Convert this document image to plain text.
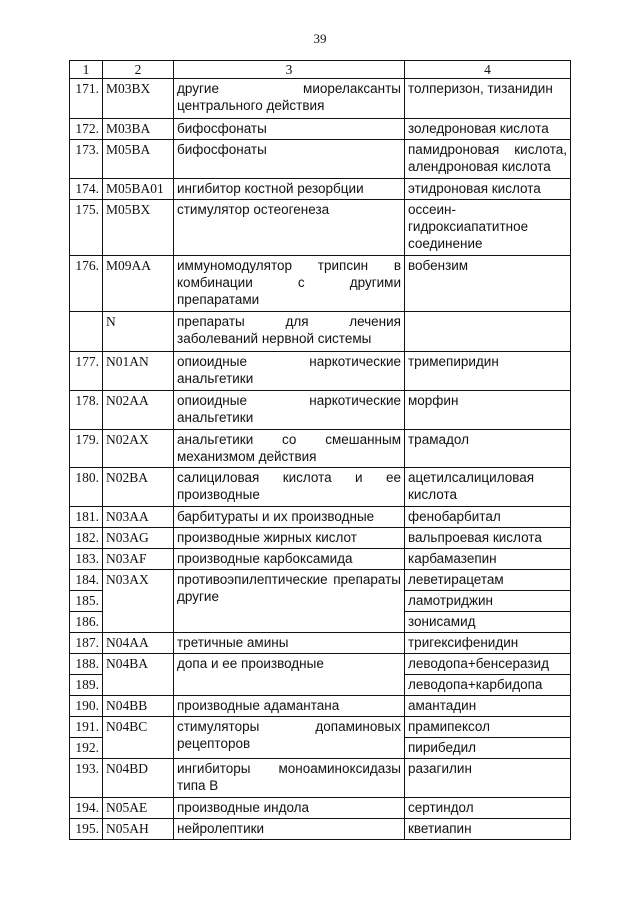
39
1	2	3	4
171.	M03BX	другие миорелаксанты центрального действия	толперизон, тизанидин
172.	M03BA	бифосфонаты	золедроновая кислота
173.	M05BA	бифосфонаты	памидроновая кислота, алендроновая кислота
174.	M05BA01	ингибитор костной резорбции	этидроновая кислота
175.	M05BX	стимулятор остеогенеза	оссеин-гидроксиапатитное соединение
176.	M09AA	иммуномодулятор трипсин в комбинации с другими препаратами	вобензим
	N	препараты для лечения заболеваний нервной системы	
177.	N01AN	опиоидные наркотические анальгетики	тримепиридин
178.	N02AA	опиоидные наркотические анальгетики	морфин
179.	N02AX	анальгетики со смешанным механизмом действия	трамадол
180.	N02BA	салициловая кислота и ее производные	ацетилсалициловая кислота
181.	N03AA	барбитураты и их производные	фенобарбитал
182.	N03AG	производные жирных кислот	вальпроевая кислота
183.	N03AF	производные карбоксамида	карбамазепин
184.	N03AX	противоэпилептические препараты другие	леветирацетам
185.			ламотриджин
186.			зонисамид
187.	N04AA	третичные амины	тригексифенидин
188.	N04BA	допа и ее производные	леводопа+бенсеразид
189.			леводопа+карбидопа
190.	N04BB	производные адамантана	амантадин
191.	N04BC	стимуляторы допаминовых рецепторов	прамипексол
192.			пирибедил
193.	N04BD	ингибиторы моноаминоксидазы типа B	разагилин
194.	N05AE	производные индола	сертиндол
195.	N05AH	нейролептики	кветиапин
